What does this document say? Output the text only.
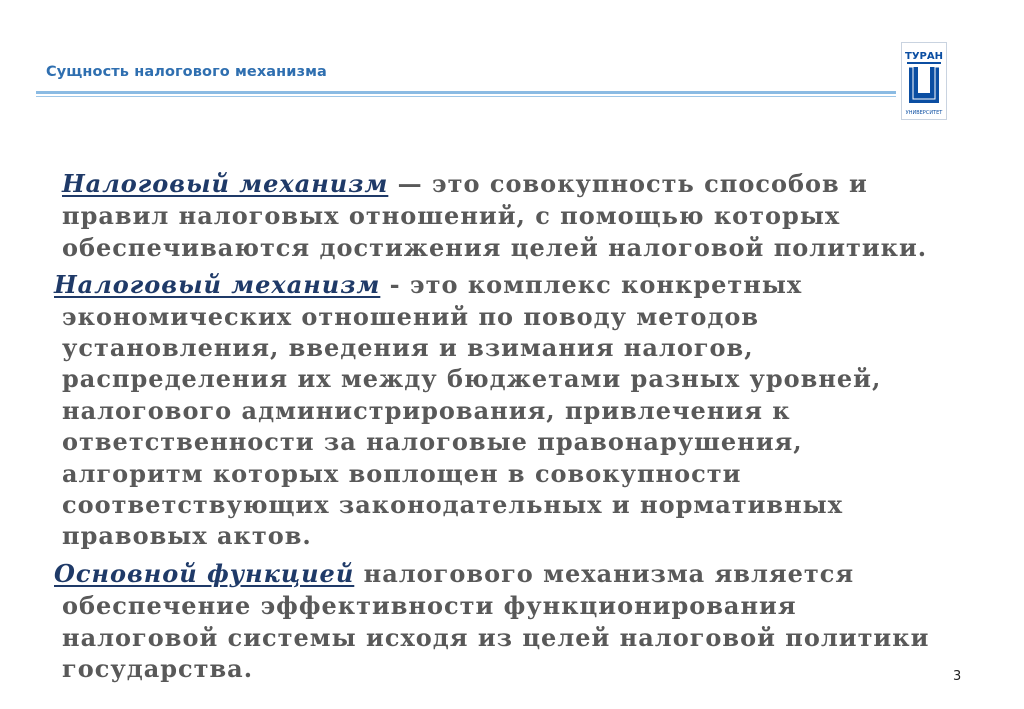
Сущность налогового механизма
ТУРАН
УНИВЕРСИТЕТ
Налоговый механизм — это совокупность способов и
правил налоговых отношений, с помощью которых
обеспечиваются достижения целей налоговой политики.
Налоговый механизм - это комплекс конкретных
экономических отношений по поводу методов
установления, введения и взимания налогов,
распределения их между бюджетами разных уровней,
налогового администрирования, привлечения к
ответственности за налоговые правонарушения,
алгоритм которых воплощен в совокупности
соответствующих законодательных и нормативных
правовых актов.
Основной функцией налогового механизма является
обеспечение эффективности функционирования
налоговой системы исходя из целей налоговой политики
государства.	3
